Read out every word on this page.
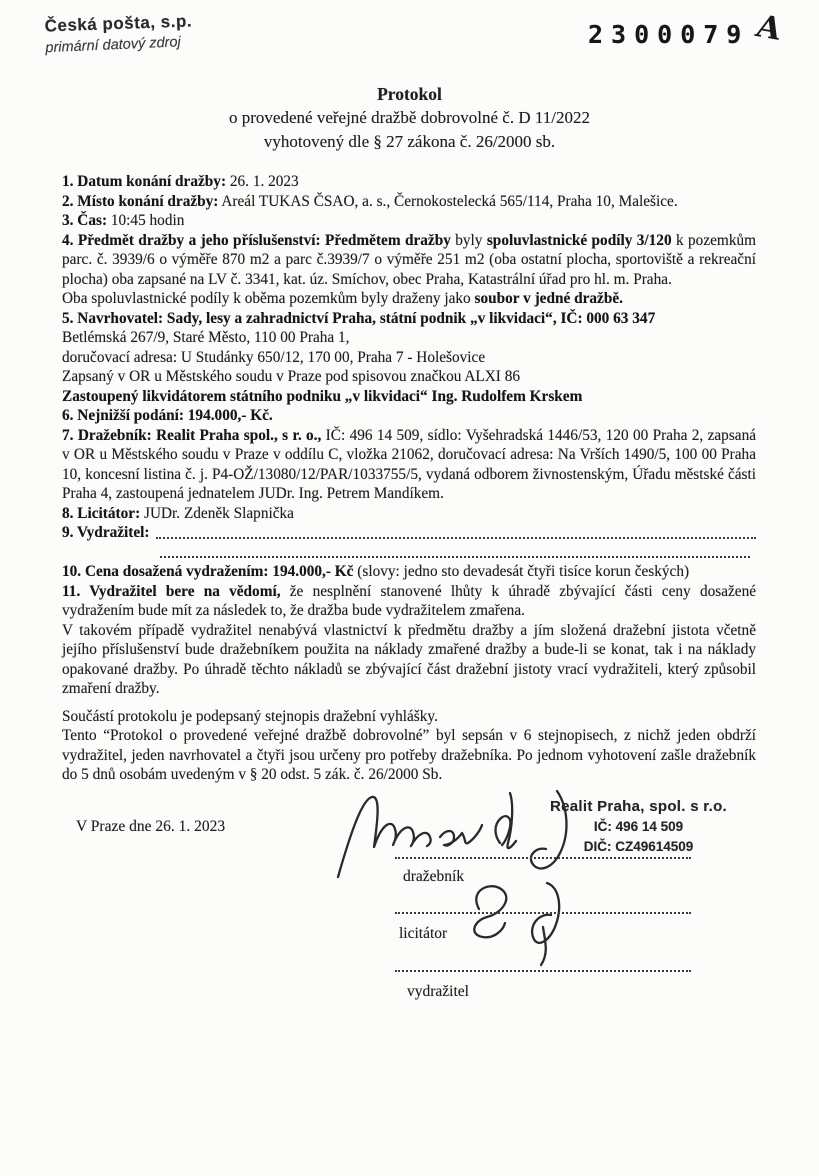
Česká pošta, s.p.
primární datový zdroj	2300079 A
Protokol
o provedené veřejné dražbě dobrovolné č. D 11/2022
vyhotovený dle § 27 zákona č. 26/2000 sb.

1. Datum konání dražby: 26. 1. 2023

2. Místo konání dražby: Areál TUKAS ČSAO, a. s., Černokostelecká 565/114, Praha 10, Malešice.

3. Čas: 10:45 hodin

4. Předmět dražby a jeho příslušenství: Předmětem dražby byly spoluvlastnické podíly 3/120 k pozemkům parc. č. 3939/6 o výměře 870 m2 a parc č.3939/7 o výměře 251 m2 (oba ostatní plocha, sportoviště a rekreační plocha) oba zapsané na LV č. 3341, kat. úz. Smíchov, obec Praha, Katastrální úřad pro hl. m. Praha.

Oba spoluvlastnické podíly k oběma pozemkům byly draženy jako soubor v jedné dražbě.

5. Navrhovatel: Sady, lesy a zahradnictví Praha, státní podnik „v likvidaci“, IČ: 000 63 347

Betlémská 267/9, Staré Město, 110 00 Praha 1,

doručovací adresa: U Studánky 650/12, 170 00, Praha 7 - Holešovice

Zapsaný v OR u Městského soudu v Praze pod spisovou značkou ALXI 86

Zastoupený likvidátorem státního podniku „v likvidaci“ Ing. Rudolfem Krskem

6. Nejnižší podání: 194.000,- Kč.

7. Dražebník: Realit Praha spol., s r. o., IČ: 496 14 509, sídlo: Vyšehradská 1446/53, 120 00 Praha 2, zapsaná v OR u Městského soudu v Praze v oddílu C, vložka 21062, doručovací adresa: Na Vrších 1490/5, 100 00 Praha 10, koncesní listina č. j. P4-OŽ/13080/12/PAR/1033755/5, vydaná odborem živnostenským, Úřadu městské části Praha 4, zastoupená jednatelem JUDr. Ing. Petrem Mandíkem.

8. Licitátor: JUDr. Zdeněk Slapnička

9. Vydražitel:

10. Cena dosažená vydražením: 194.000,- Kč (slovy: jedno sto devadesát čtyři tisíce korun českých)

11. Vydražitel bere na vědomí, že nesplnění stanovené lhůty k úhradě zbývající části ceny dosažené vydražením bude mít za následek to, že dražba bude vydražitelem zmařena.

V takovém případě vydražitel nenabývá vlastnictví k předmětu dražby a jím složená dražební jistota včetně jejího příslušenství bude dražebníkem použita na náklady zmařené dražby a bude-li se konat, tak i na náklady opakované dražby. Po úhradě těchto nákladů se zbývající část dražební jistoty vrací vydražiteli, který způsobil zmaření dražby.

Součástí protokolu je podepsaný stejnopis dražební vyhlášky.

Tento “Protokol o provedené veřejné dražbě dobrovolné” byl sepsán v 6 stejnopisech, z nichž jeden obdrží vydražitel, jeden navrhovatel a čtyři jsou určeny pro potřeby dražebníka. Po jednom vyhotovení zašle dražebník do 5 dnů osobám uvedeným v § 20 odst. 5 zák. č. 26/2000 Sb.

V Praze dne 26. 1. 2023
Realit Praha, spol. s r.o.
IČ: 496 14 509
DIČ: CZ49614509
dražebník
licitátor
vydražitel
